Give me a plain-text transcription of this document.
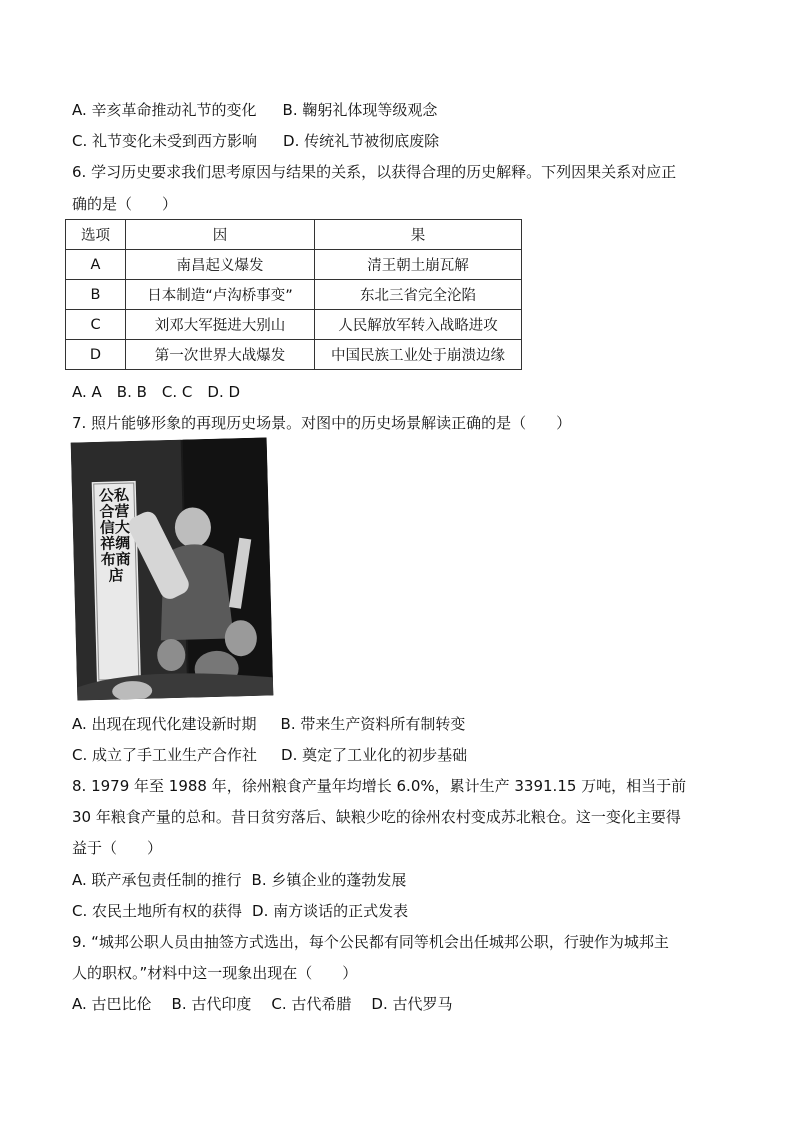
A. 辛亥革命推动礼节的变化 B. 鞠躬礼体现等级观念
C. 礼节变化未受到西方影响 D. 传统礼节被彻底废除
6. 学习历史要求我们思考原因与结果的关系，以获得合理的历史解释。下列因果关系对应正
确的是（　　）
选项	因	果
A	南昌起义爆发	清王朝土崩瓦解
B	日本制造“卢沟桥事变”	东北三省完全沦陷
C	刘邓大军挺进大别山	人民解放军转入战略进攻
D	第一次世界大战爆发	中国民族工业处于崩溃边缘
A. A　B. B　C. C　D. D
7. 照片能够形象的再现历史场景。对图中的历史场景解读正确的是（　　）
公私合营信大祥绸布商店
A. 出现在现代化建设新时期 B. 带来生产资料所有制转变
C. 成立了手工业生产合作社 D. 奠定了工业化的初步基础
8. 1979 年至 1988 年，徐州粮食产量年均增长 6.0%，累计生产 3391.15 万吨，相当于前
30 年粮食产量的总和。昔日贫穷落后、缺粮少吃的徐州农村变成苏北粮仓。这一变化主要得
益于（　　）
A. 联产承包责任制的推行 B. 乡镇企业的蓬勃发展
C. 农民土地所有权的获得 D. 南方谈话的正式发表
9. “城邦公职人员由抽签方式选出，每个公民都有同等机会出任城邦公职，行驶作为城邦主
人的职权。”材料中这一现象出现在（　　）
A. 古巴比伦 B. 古代印度 C. 古代希腊 D. 古代罗马
